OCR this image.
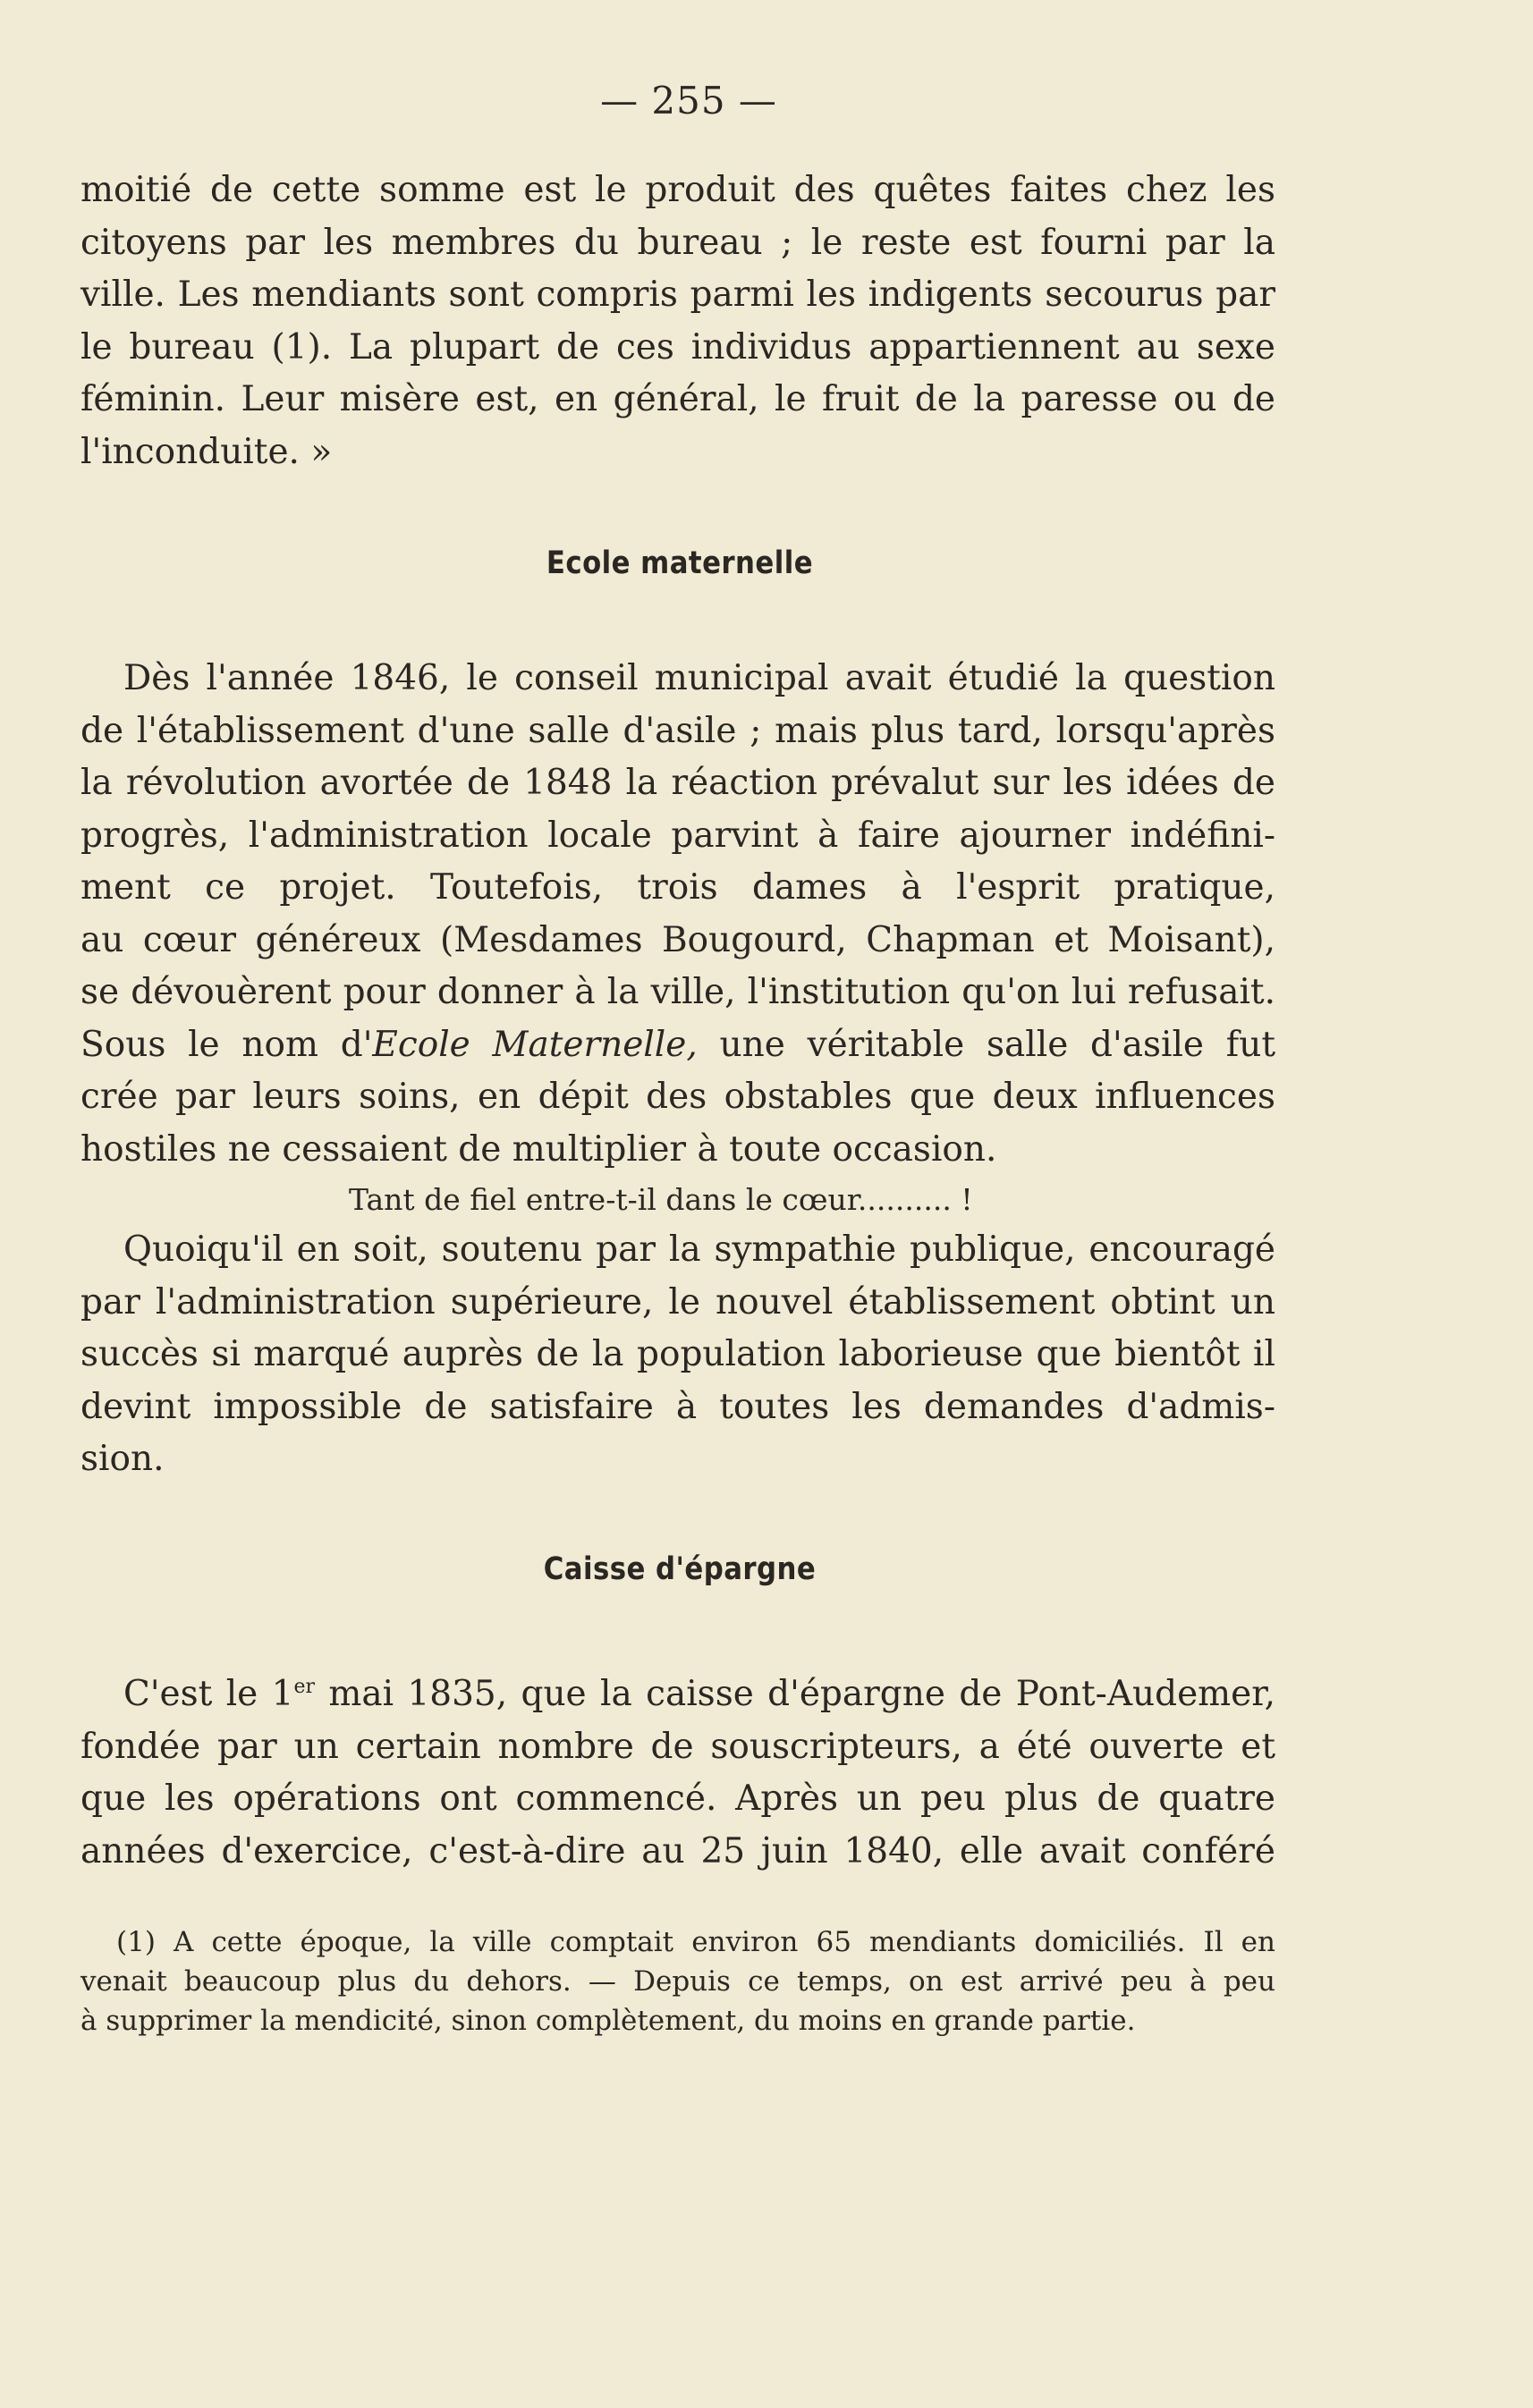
— 255 —
moitié de cette somme est le produit des quêtes faites chez les
citoyens par les membres du bureau ; le reste est fourni par la
ville. Les mendiants sont compris parmi les indigents secourus par
le bureau (1). La plupart de ces individus appartiennent au sexe
féminin. Leur misère est, en général, le fruit de la paresse ou de
l'inconduite. »
Ecole maternelle
Dès l'année 1846, le conseil municipal avait étudié la question
de l'établissement d'une salle d'asile ; mais plus tard, lorsqu'après
la révolution avortée de 1848 la réaction prévalut sur les idées de
progrès, l'administration locale parvint à faire ajourner indéfini-
ment ce projet. Toutefois, trois dames à l'esprit pratique,
au cœur généreux (Mesdames Bougourd, Chapman et Moisant),
se dévouèrent pour donner à la ville, l'institution qu'on lui refusait.
Sous le nom d'Ecole Maternelle, une véritable salle d'asile fut
crée par leurs soins, en dépit des obstables que deux influences
hostiles ne cessaient de multiplier à toute occasion.
Tant de fiel entre-t-il dans le cœur.......... !
Quoiqu'il en soit, soutenu par la sympathie publique, encouragé
par l'administration supérieure, le nouvel établissement obtint un
succès si marqué auprès de la population laborieuse que bientôt il
devint impossible de satisfaire à toutes les demandes d'admis-
sion.
Caisse d'épargne
C'est le 1er mai 1835, que la caisse d'épargne de Pont-Audemer,
fondée par un certain nombre de souscripteurs, a été ouverte et
que les opérations ont commencé. Après un peu plus de quatre
années d'exercice, c'est-à-dire au 25 juin 1840, elle avait conféré
(1) A cette époque, la ville comptait environ 65 mendiants domiciliés. Il en
venait beaucoup plus du dehors. — Depuis ce temps, on est arrivé peu à peu
à supprimer la mendicité, sinon complètement, du moins en grande partie.
